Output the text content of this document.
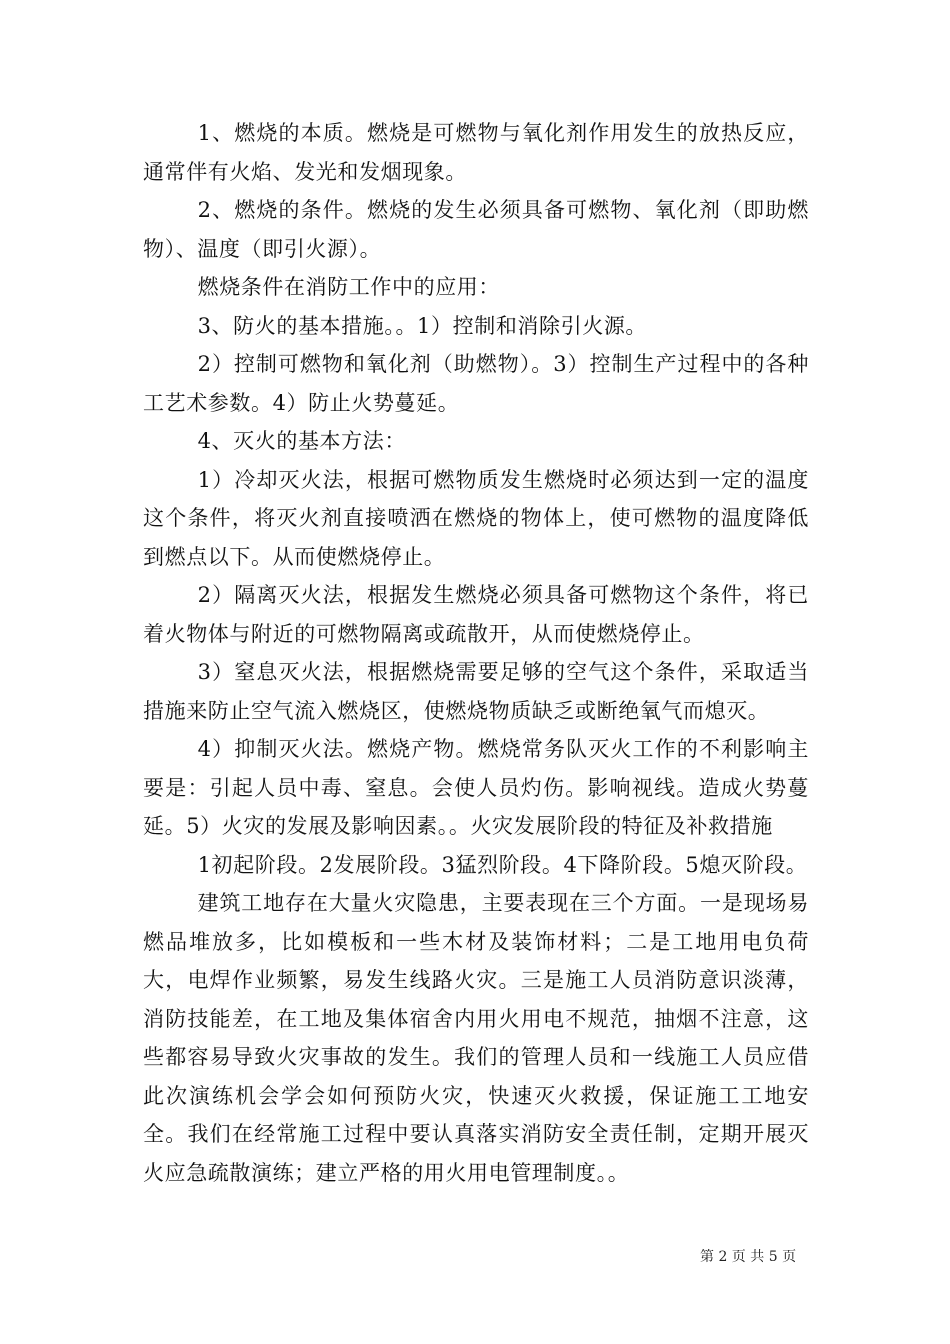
1、燃烧的本质。燃烧是可燃物与氧化剂作用发生的放热反应，通常伴有火焰、发光和发烟现象。

2、燃烧的条件。燃烧的发生必须具备可燃物、氧化剂（即助燃物）、温度（即引火源）。

燃烧条件在消防工作中的应用：

3、防火的基本措施。。1）控制和消除引火源。

2）控制可燃物和氧化剂（助燃物）。3）控制生产过程中的各种工艺术参数。4）防止火势蔓延。

4、灭火的基本方法：

1）冷却灭火法，根据可燃物质发生燃烧时必须达到一定的温度这个条件，将灭火剂直接喷洒在燃烧的物体上，使可燃物的温度降低到燃点以下。从而使燃烧停止。

2）隔离灭火法，根据发生燃烧必须具备可燃物这个条件，将已着火物体与附近的可燃物隔离或疏散开，从而使燃烧停止。

3）窒息灭火法，根据燃烧需要足够的空气这个条件，采取适当措施来防止空气流入燃烧区，使燃烧物质缺乏或断绝氧气而熄灭。

4）抑制灭火法。燃烧产物。燃烧常务队灭火工作的不利影响主要是：引起人员中毒、窒息。会使人员灼伤。影响视线。造成火势蔓延。5）火灾的发展及影响因素。。火灾发展阶段的特征及补救措施

1初起阶段。2发展阶段。3猛烈阶段。4下降阶段。5熄灭阶段。

建筑工地存在大量火灾隐患，主要表现在三个方面。一是现场易燃品堆放多，比如模板和一些木材及装饰材料；二是工地用电负荷大，电焊作业频繁，易发生线路火灾。三是施工人员消防意识淡薄，消防技能差，在工地及集体宿舍内用火用电不规范，抽烟不注意，这些都容易导致火灾事故的发生。我们的管理人员和一线施工人员应借此次演练机会学会如何预防火灾，快速灭火救援，保证施工工地安全。我们在经常施工过程中要认真落实消防安全责任制，定期开展灭火应急疏散演练；建立严格的用火用电管理制度。。

第 2 页 共 5 页
